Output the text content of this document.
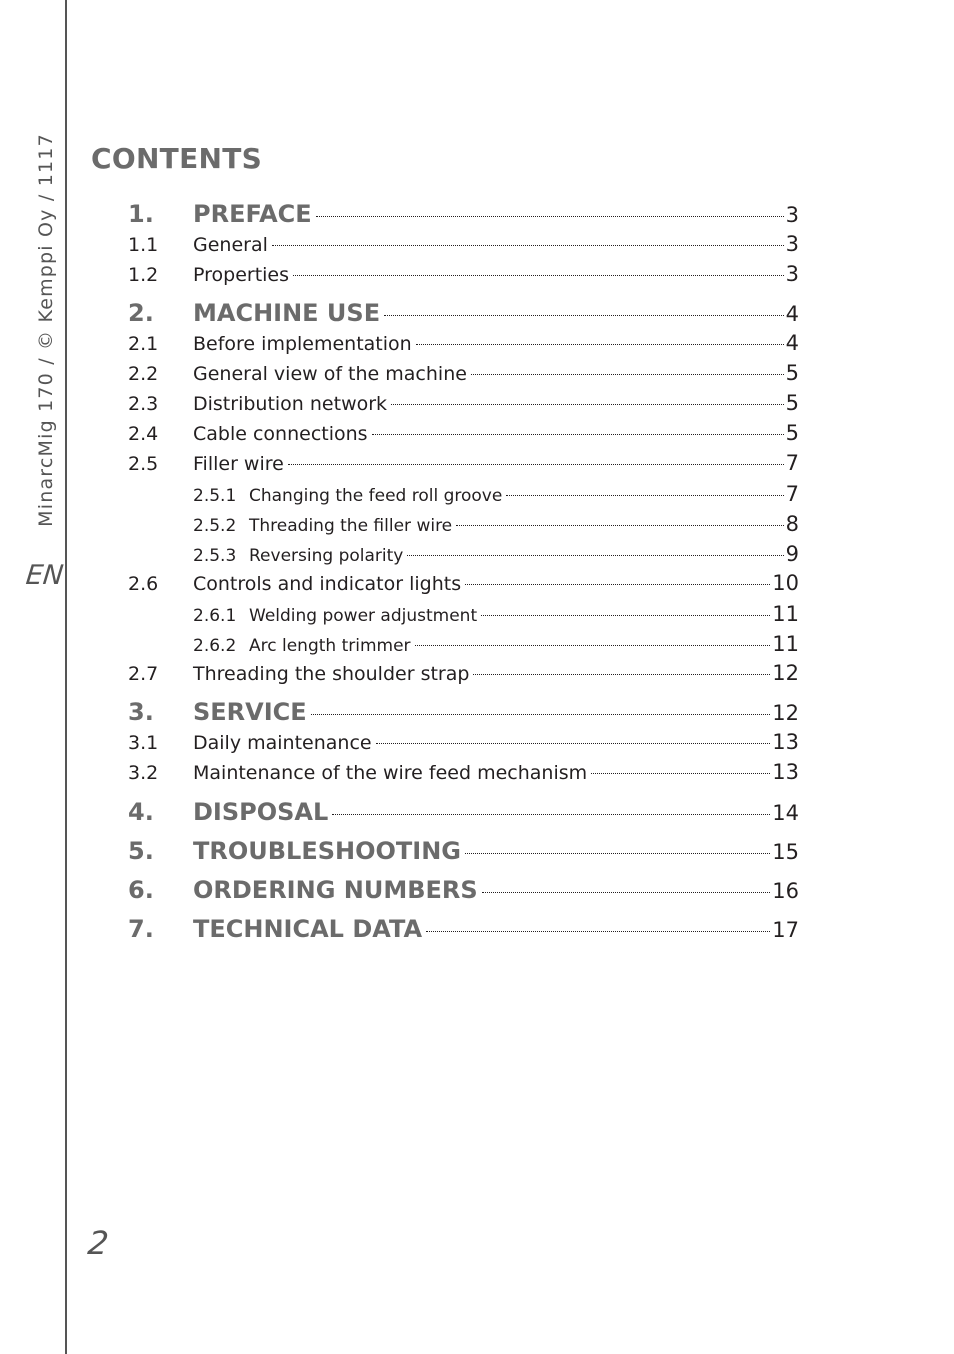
MinarcMig 170 / © Kemppi Oy / 1117
EN
2
CONTENTS
1.	PREFACE	3
1.1	General	3
1.2	Properties	3
2.	MACHINE USE	4
2.1	Before implementation	4
2.2	General view of the machine	5
2.3	Distribution network	5
2.4	Cable connections	5
2.5	Filler wire	7
2.5.1 Changing the feed roll groove	7
2.5.2 Threading the filler wire	8
2.5.3 Reversing polarity	9
2.6	Controls and indicator lights	10
2.6.1 Welding power adjustment	11
2.6.2 Arc length trimmer	11
2.7	Threading the shoulder strap	12
3.	SERVICE	12
3.1	Daily maintenance	13
3.2	Maintenance of the wire feed mechanism	13
4.	DISPOSAL	14
5.	TROUBLESHOOTING	15
6.	ORDERING NUMBERS	16
7.	TECHNICAL DATA	17
